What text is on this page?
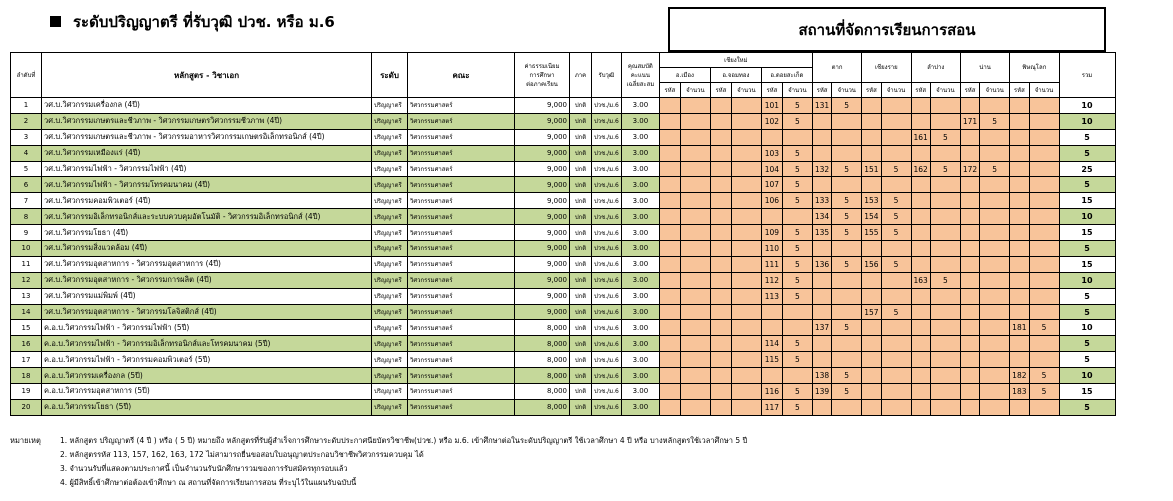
ระดับปริญญาตรี ที่รับวุฒิ ปวช. หรือ ม.6	สถานที่จัดการเรียนการสอน
ลำดับที่	หลักสูตร - วิชาเอก	ระดับ	คณะ	ค่าธรรมเนียม
การศึกษา
ต่อภาคเรียน	ภาค	รับวุฒิ	คุณสมบัติ
คะแนน
เฉลี่ยสะสม	เชียงใหม่						ตาก		เชียงราย		ลำปาง		น่าน		พิษณุโลก		รวม
								อ.เมือง		อ.จอมทอง		อ.ดอยสะเก็ด												
								รหัส	จำนวน	รหัส	จำนวน	รหัส	จำนวน	รหัส	จำนวน	รหัส	จำนวน	รหัส	จำนวน	รหัส	จำนวน	รหัส	จำนวน	
1	วศ.บ.วิศวกรรมเครื่องกล (4ปี)	ปริญญาตรี	วิศวกรรมศาสตร์	9,000	ปกติ	ปวช./ม.6	3.00					101	5	131	5									10
2	วศ.บ.วิศวกรรมเกษตรและชีวภาพ - วิศวกรรมเกษตรวิศวกรรมชีวภาพ (4ปี)	ปริญญาตรี	วิศวกรรมศาสตร์	9,000	ปกติ	ปวช./ม.6	3.00					102	5							171	5			10
3	วศ.บ.วิศวกรรมเกษตรและชีวภาพ - วิศวกรรมอาหารวิศวกรรมเกษตรอิเล็กทรอนิกส์ (4ปี)	ปริญญาตรี	วิศวกรรมศาสตร์	9,000	ปกติ	ปวช./ม.6	3.00											161	5					5
4	วศ.บ.วิศวกรรมเหมืองแร่ (4ปี)	ปริญญาตรี	วิศวกรรมศาสตร์	9,000	ปกติ	ปวช./ม.6	3.00					103	5											5
5	วศ.บ.วิศวกรรมไฟฟ้า - วิศวกรรมไฟฟ้า (4ปี)	ปริญญาตรี	วิศวกรรมศาสตร์	9,000	ปกติ	ปวช./ม.6	3.00					104	5	132	5	151	5	162	5	172	5			25
6	วศ.บ.วิศวกรรมไฟฟ้า - วิศวกรรมโทรคมนาคม (4ปี)	ปริญญาตรี	วิศวกรรมศาสตร์	9,000	ปกติ	ปวช./ม.6	3.00					107	5											5
7	วศ.บ.วิศวกรรมคอมพิวเตอร์ (4ปี)	ปริญญาตรี	วิศวกรรมศาสตร์	9,000	ปกติ	ปวช./ม.6	3.00					106	5	133	5	153	5							15
8	วศ.บ.วิศวกรรมอิเล็กทรอนิกส์และระบบควบคุมอัตโนมัติ - วิศวกรรมอิเล็กทรอนิกส์ (4ปี)	ปริญญาตรี	วิศวกรรมศาสตร์	9,000	ปกติ	ปวช./ม.6	3.00							134	5	154	5							10
9	วศ.บ.วิศวกรรมโยธา (4ปี)	ปริญญาตรี	วิศวกรรมศาสตร์	9,000	ปกติ	ปวช./ม.6	3.00					109	5	135	5	155	5							15
10	วศ.บ.วิศวกรรมสิ่งแวดล้อม (4ปี)	ปริญญาตรี	วิศวกรรมศาสตร์	9,000	ปกติ	ปวช./ม.6	3.00					110	5											5
11	วศ.บ.วิศวกรรมอุตสาหการ - วิศวกรรมอุตสาหการ (4ปี)	ปริญญาตรี	วิศวกรรมศาสตร์	9,000	ปกติ	ปวช./ม.6	3.00					111	5	136	5	156	5							15
12	วศ.บ.วิศวกรรมอุตสาหการ - วิศวกรรมการผลิต (4ปี)	ปริญญาตรี	วิศวกรรมศาสตร์	9,000	ปกติ	ปวช./ม.6	3.00					112	5					163	5					10
13	วศ.บ.วิศวกรรมแม่พิมพ์ (4ปี)	ปริญญาตรี	วิศวกรรมศาสตร์	9,000	ปกติ	ปวช./ม.6	3.00					113	5											5
14	วศ.บ.วิศวกรรมอุตสาหการ - วิศวกรรมโลจิสติกส์ (4ปี)	ปริญญาตรี	วิศวกรรมศาสตร์	9,000	ปกติ	ปวช./ม.6	3.00									157	5							5
15	ค.อ.บ.วิศวกรรมไฟฟ้า - วิศวกรรมไฟฟ้า (5ปี)	ปริญญาตรี	วิศวกรรมศาสตร์	8,000	ปกติ	ปวช./ม.6	3.00							137	5							181	5	10
16	ค.อ.บ.วิศวกรรมไฟฟ้า - วิศวกรรมอิเล็กทรอนิกส์และโทรคมนาคม (5ปี)	ปริญญาตรี	วิศวกรรมศาสตร์	8,000	ปกติ	ปวช./ม.6	3.00					114	5											5
17	ค.อ.บ.วิศวกรรมไฟฟ้า - วิศวกรรมคอมพิวเตอร์ (5ปี)	ปริญญาตรี	วิศวกรรมศาสตร์	8,000	ปกติ	ปวช./ม.6	3.00					115	5											5
18	ค.อ.บ.วิศวกรรมเครื่องกล (5ปี)	ปริญญาตรี	วิศวกรรมศาสตร์	8,000	ปกติ	ปวช./ม.6	3.00							138	5							182	5	10
19	ค.อ.บ.วิศวกรรมอุตสาหการ (5ปี)	ปริญญาตรี	วิศวกรรมศาสตร์	8,000	ปกติ	ปวช./ม.6	3.00					116	5	139	5							183	5	15
20	ค.อ.บ.วิศวกรรมโยธา (5ปี)	ปริญญาตรี	วิศวกรรมศาสตร์	8,000	ปกติ	ปวช./ม.6	3.00					117	5											5
หมายเหตุ	1. หลักสูตร ปริญญาตรี (4 ปี ) หรือ ( 5 ปี) หมายถึง หลักสูตรที่รับผู้สำเร็จการศึกษาระดับประกาศนียบัตรวิชาชีพ(ปวช.) หรือ ม.6. เข้าศึกษาต่อในระดับปริญญาตรี ใช้เวลาศึกษา 4 ปี หรือ บางหลักสูตรใช้เวลาศึกษา 5 ปี
2. หลักสูตรรหัส 113, 157, 162, 163, 172 ไม่สามารถยื่นขอสอบใบอนุญาตประกอบวิชาชีพวิศวกรรมควบคุม ได้
3. จำนวนรับที่แสดงตามประกาศนี้ เป็นจำนวนรับนักศึกษารวมของการรับสมัครทุกรอบแล้ว
4. ผู้มีสิทธิ์เข้าศึกษาต่อต้องเข้าศึกษา ณ สถานที่จัดการเรียนการสอน ที่ระบุไว้ในแผนรับฉบับนี้
